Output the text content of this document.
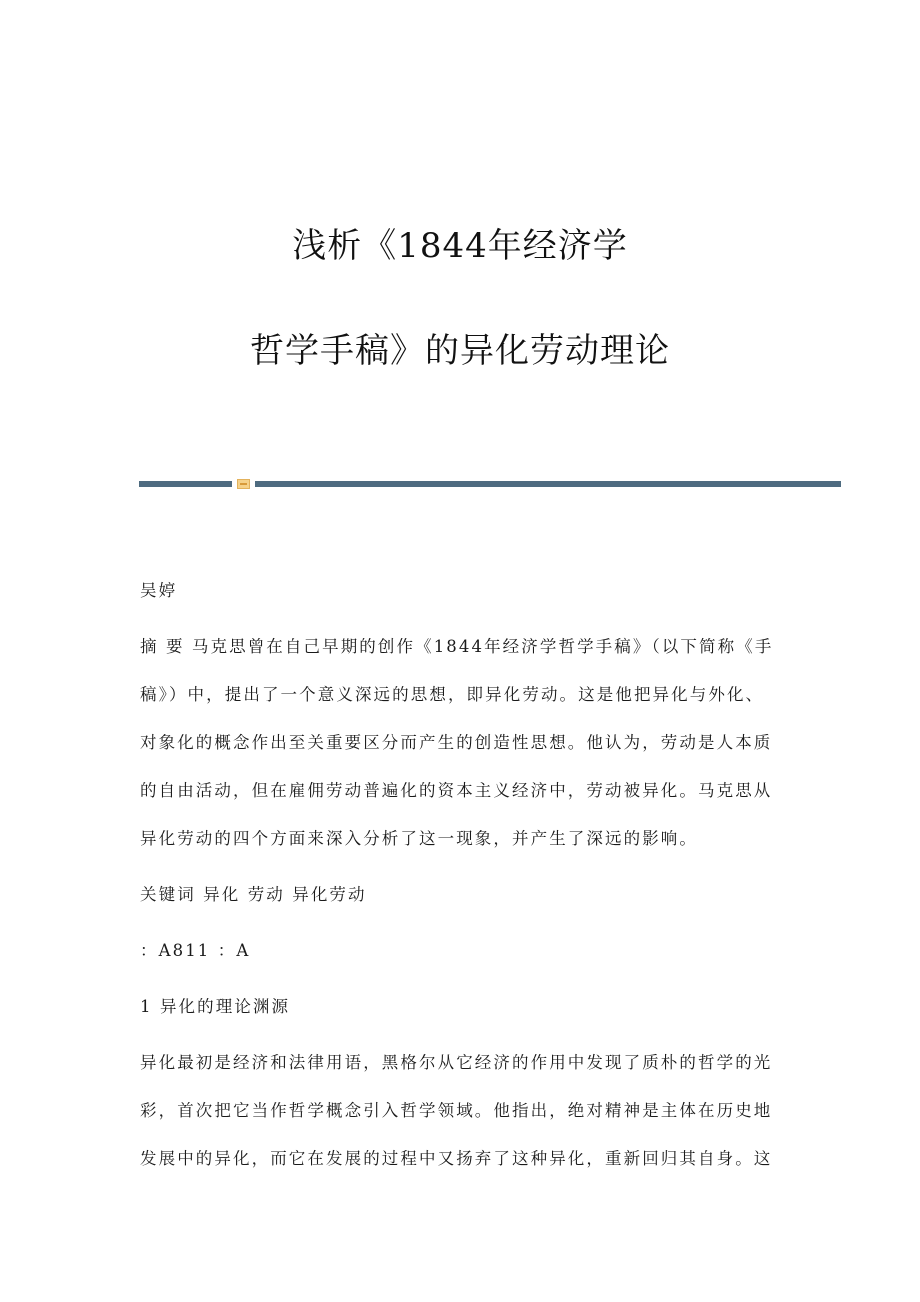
浅析《1844年经济学
哲学手稿》的异化劳动理论
吴婷
摘 要 马克思曾在自己早期的创作《1844年经济学哲学手稿》（以下简称《手
稿》）中，提出了一个意义深远的思想，即异化劳动。这是他把异化与外化、
对象化的概念作出至关重要区分而产生的创造性思想。他认为，劳动是人本质
的自由活动，但在雇佣劳动普遍化的资本主义经济中，劳动被异化。马克思从
异化劳动的四个方面来深入分析了这一现象，并产生了深远的影响。
关键词 异化 劳动 异化劳动
：A811 ：A
1 异化的理论渊源
异化最初是经济和法律用语，黑格尔从它经济的作用中发现了质朴的哲学的光
彩，首次把它当作哲学概念引入哲学领域。他指出，绝对精神是主体在历史地
发展中的异化，而它在发展的过程中又扬弃了这种异化，重新回归其自身。这
